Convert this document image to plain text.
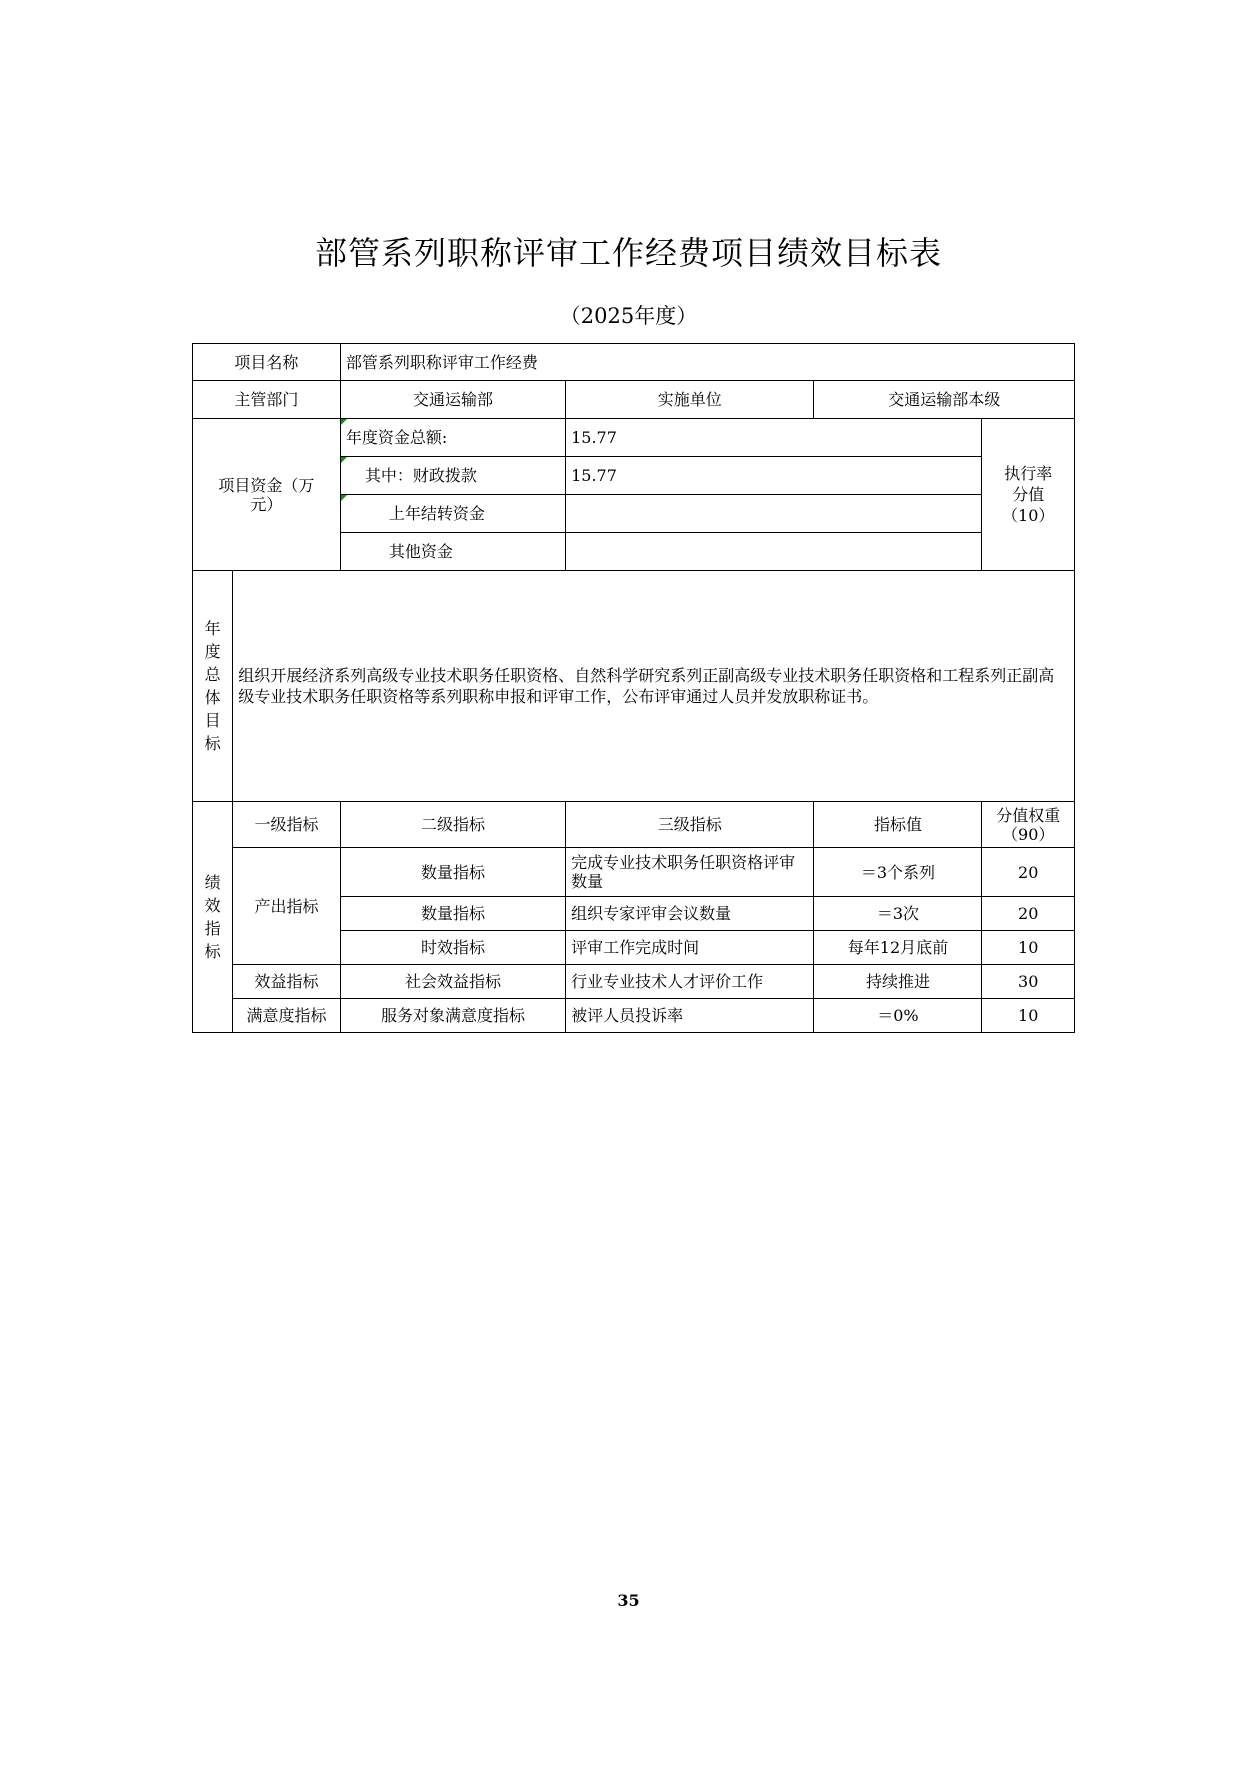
部管系列职称评审工作经费项目绩效目标表
（2025年度）
项目名称		部管系列职称评审工作经费			
主管部门		交通运输部	实施单位	交通运输部本级	

项目资金（万元）		年度资金总额:	15.77		执行率分值（10）

		其中：财政拨款	15.77		
		上年结转资金			
		其他资金			

年度总体目标	组织开展经济系列高级专业技术职务任职资格、自然科学研究系列正副高级专业技术职务任职资格和工程系列正副高级专业技术职务任职资格等系列职称申报和评审工作，公布评审通过人员并发放职称证书。				

绩效指标	一级指标	二级指标	三级指标	指标值	分值权重（90）

	产出指标	数量指标	完成专业技术职务任职资格评审数量	＝3个系列	20
		数量指标	组织专家评审会议数量	＝3次	20
		时效指标	评审工作完成时间	每年12月底前	10
	效益指标	社会效益指标	行业专业技术人才评价工作	持续推进	30
	满意度指标	服务对象满意度指标	被评人员投诉率	＝0%	10
35
